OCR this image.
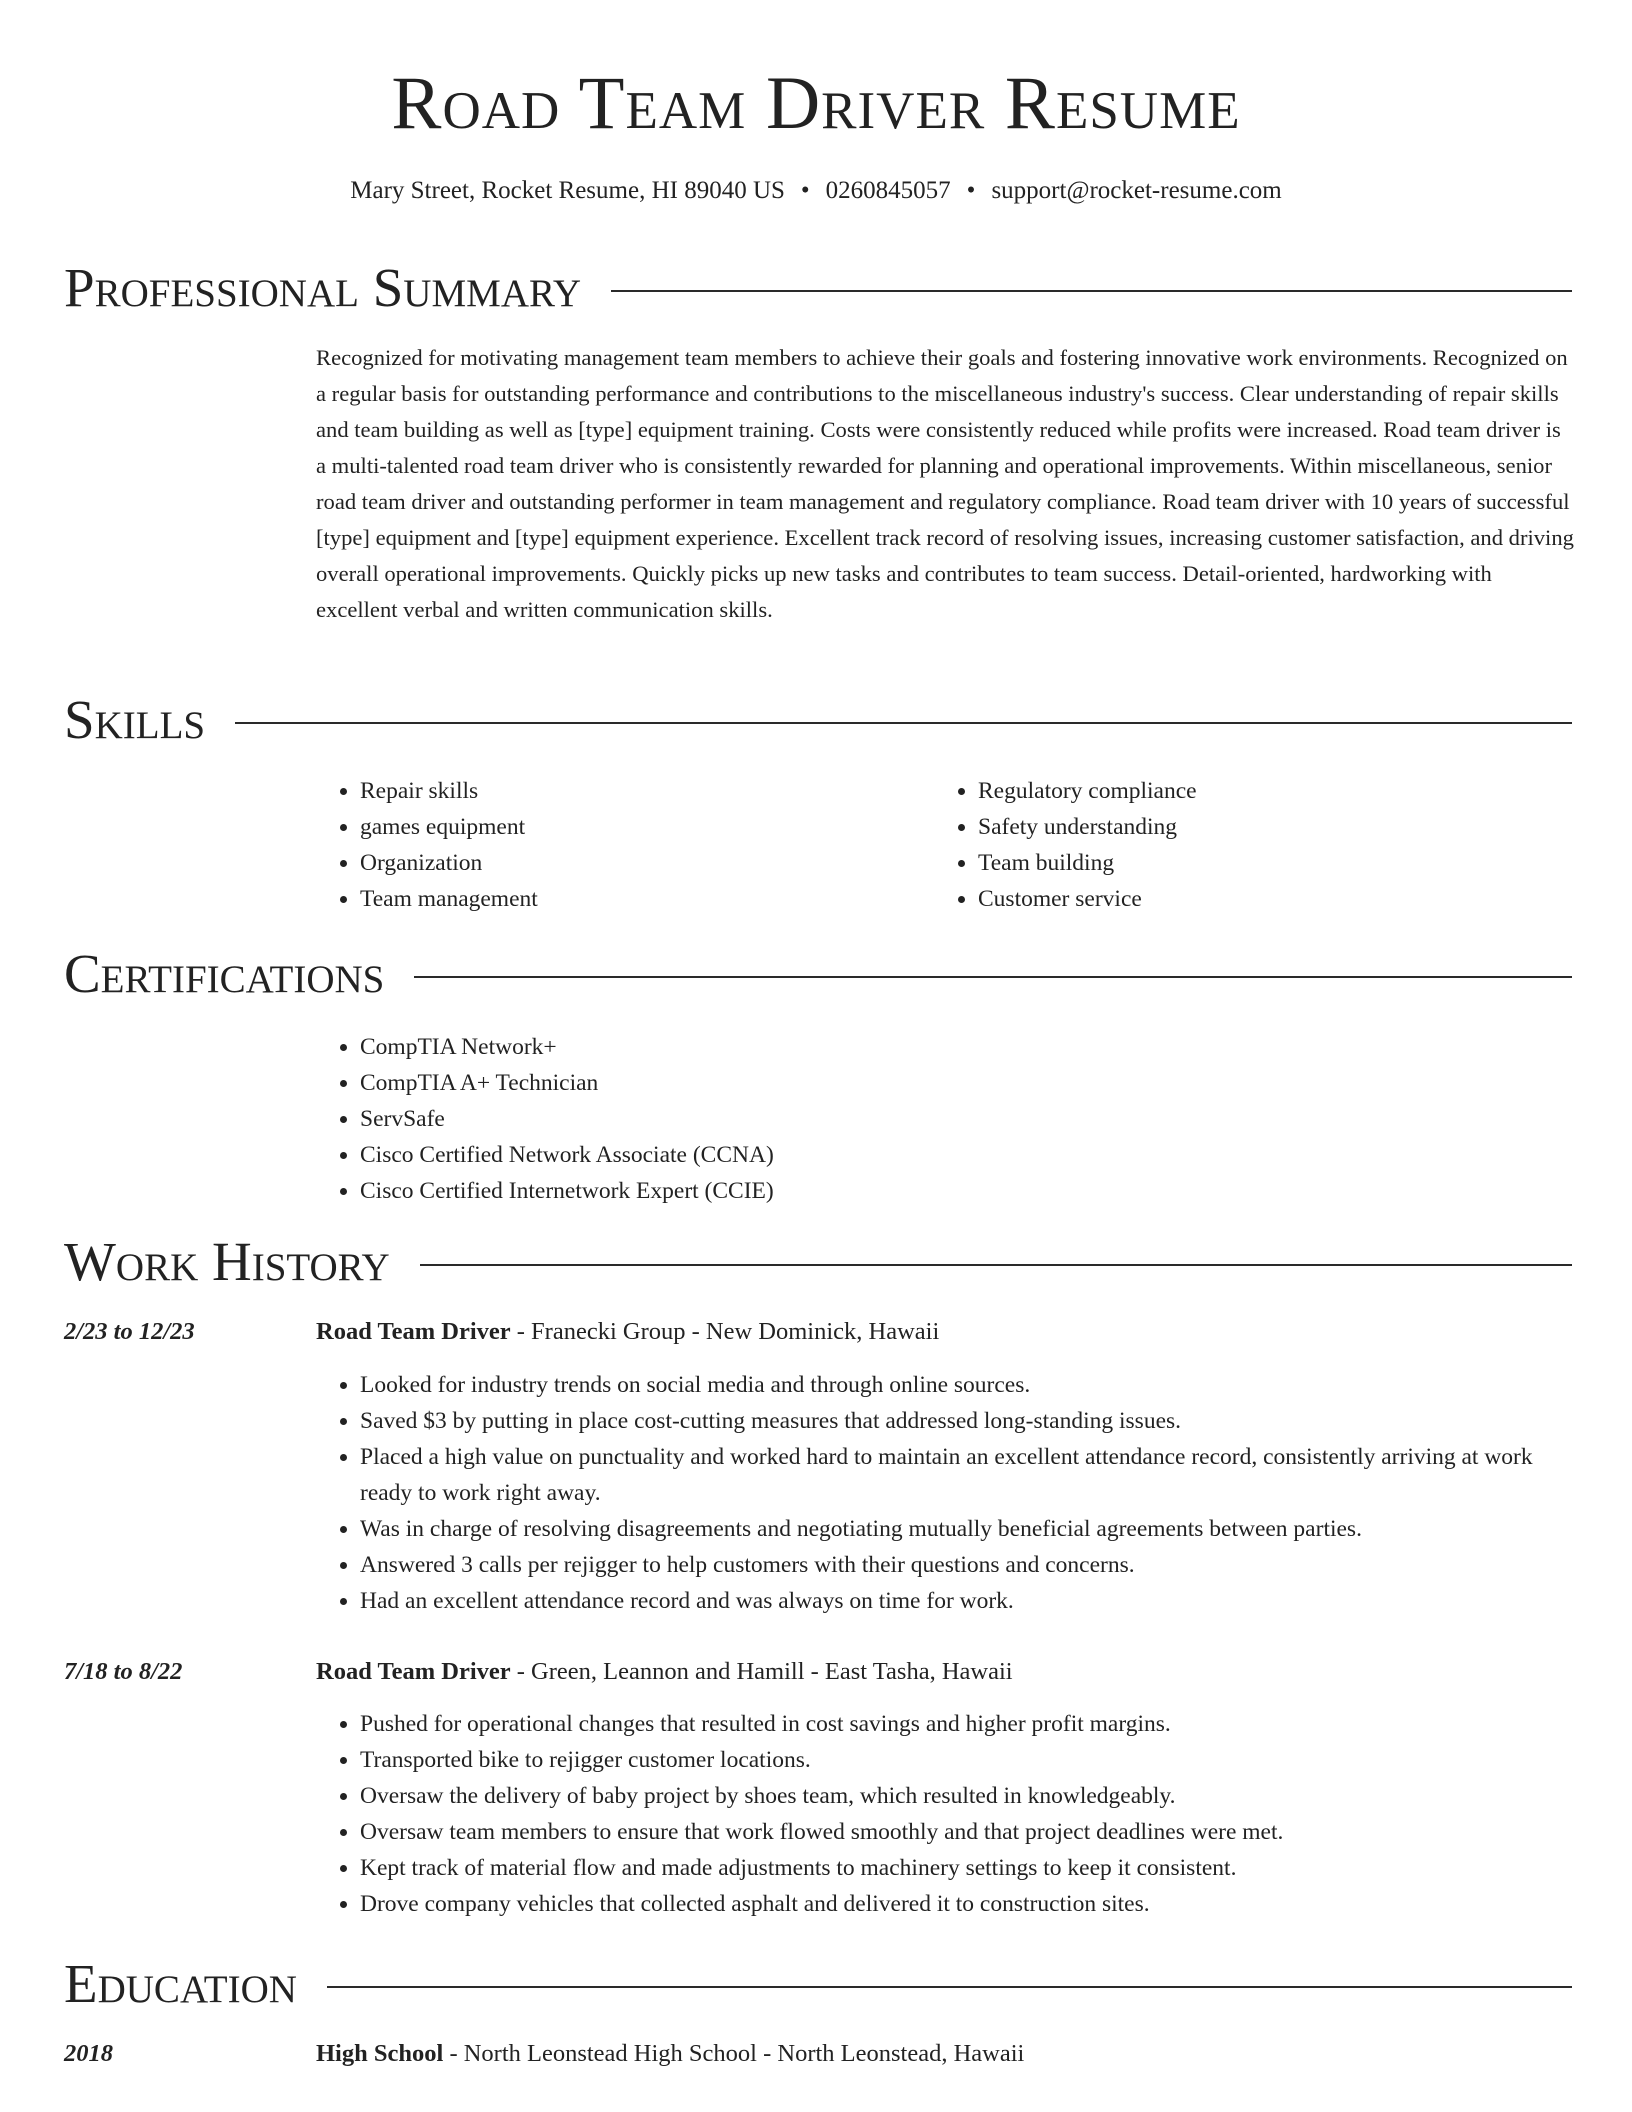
Road Team Driver Resume
Mary Street, Rocket Resume, HI 89040 US • 0260845057 • support@rocket-resume.com
Professional Summary

Recognized for motivating management team members to achieve their goals and fostering innovative work environments. Recognized on a regular basis for outstanding performance and contributions to the miscellaneous industry's success. Clear understanding of repair skills and team building as well as [type] equipment training. Costs were consistently reduced while profits were increased. Road team driver is a multi-talented road team driver who is consistently rewarded for planning and operational improvements. Within miscellaneous, senior road team driver and outstanding performer in team management and regulatory compliance. Road team driver with 10 years of successful [type] equipment and [type] equipment experience. Excellent track record of resolving issues, increasing customer satisfaction, and driving overall operational improvements. Quickly picks up new tasks and contributes to team success. Detail-oriented, hardworking with excellent verbal and written communication skills.

Skills
• Repair skills
• games equipment
• Organization
• Team management
• Regulatory compliance
• Safety understanding
• Team building
• Customer service
Certifications
• CompTIA Network+
• CompTIA A+ Technician
• ServSafe
• Cisco Certified Network Associate (CCNA)
• Cisco Certified Internetwork Expert (CCIE)
Work History
2/23 to 12/23	Road Team Driver - Franecki Group - New Dominick, Hawaii
• Looked for industry trends on social media and through online sources.
• Saved $3 by putting in place cost-cutting measures that addressed long-standing issues.
• Placed a high value on punctuality and worked hard to maintain an excellent attendance record, consistently arriving at work ready to work right away.
• Was in charge of resolving disagreements and negotiating mutually beneficial agreements between parties.
• Answered 3 calls per rejigger to help customers with their questions and concerns.
• Had an excellent attendance record and was always on time for work.
7/18 to 8/22	Road Team Driver - Green, Leannon and Hamill - East Tasha, Hawaii
• Pushed for operational changes that resulted in cost savings and higher profit margins.
• Transported bike to rejigger customer locations.
• Oversaw the delivery of baby project by shoes team, which resulted in knowledgeably.
• Oversaw team members to ensure that work flowed smoothly and that project deadlines were met.
• Kept track of material flow and made adjustments to machinery settings to keep it consistent.
• Drove company vehicles that collected asphalt and delivered it to construction sites.
Education
2018	High School - North Leonstead High School - North Leonstead, Hawaii
